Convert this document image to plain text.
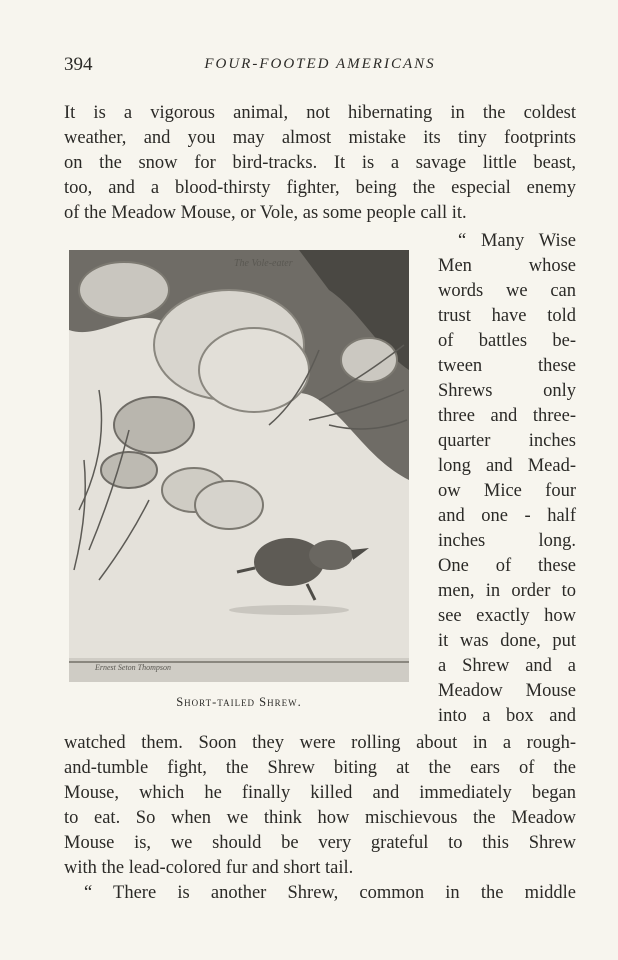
394	FOUR-FOOTED AMERICANS
It is a vigorous animal, not hibernating in the coldest
weather, and you may almost mistake its tiny footprints
on the snow for bird-tracks. It is a savage little beast,
too, and a blood-thirsty fighter, being the especial enemy
of the Meadow Mouse, or Vole, as some people call it.
The Vole-eater
Ernest Seton Thompson
Short-tailed Shrew.
“ Many Wise
Men whose
words we can
trust have told
of battles be-
tween these
Shrews only
three and three-
quarter inches
long and Mead-
ow Mice four
and one - half
inches long.
One of these
men, in order to
see exactly how
it was done, put
a Shrew and a
Meadow Mouse
into a box and
watched them. Soon they were rolling about in a rough-
and-tumble fight, the Shrew biting at the ears of the
Mouse, which he finally killed and immediately began
to eat. So when we think how mischievous the Meadow
Mouse is, we should be very grateful to this Shrew
with the lead-colored fur and short tail.
“ There is another Shrew, common in the middle
